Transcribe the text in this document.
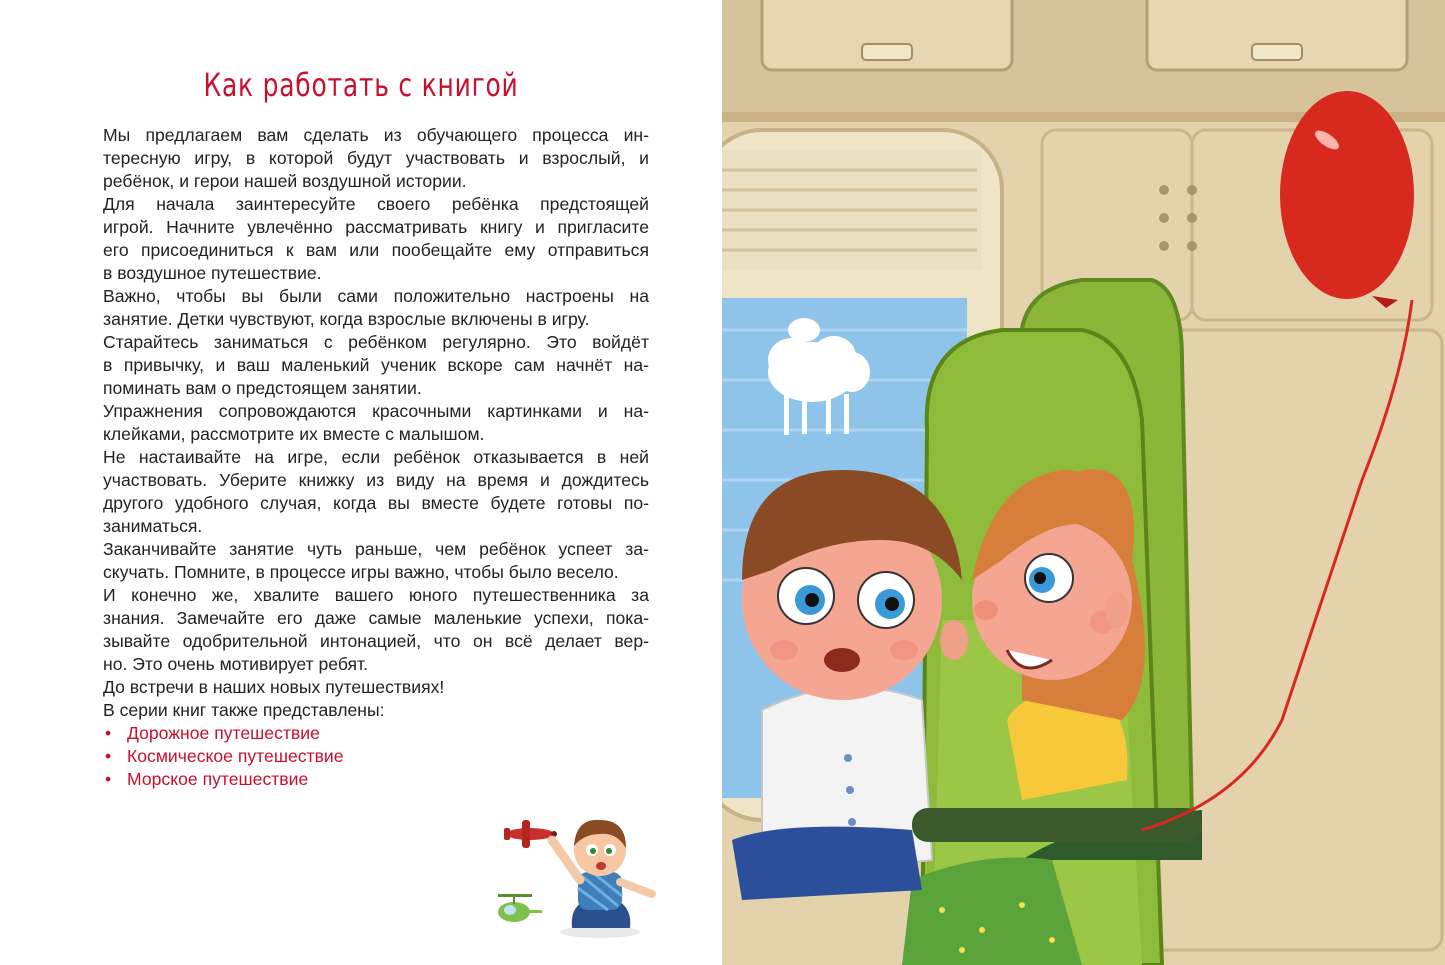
Как работать с книгой

Мы предлагаем вам сделать из обучающего процесса ин-

тересную игру, в которой будут участвовать и взрослый, и

ребёнок, и герои нашей воздушной истории.

Для начала заинтересуйте своего ребёнка предстоящей

игрой. Начните увлечённо рассматривать книгу и пригласите

его присоединиться к вам или пообещайте ему отправиться

в воздушное путешествие.

Важно, чтобы вы были сами положительно настроены на

занятие. Детки чувствуют, когда взрослые включены в игру.

Старайтесь заниматься с ребёнком регулярно. Это войдёт

в привычку, и ваш маленький ученик вскоре сам начнёт на-

поминать вам о предстоящем занятии.

Упражнения сопровождаются красочными картинками и на-

клейками, рассмотрите их вместе с малышом.

Не настаивайте на игре, если ребёнок отказывается в ней

участвовать. Уберите книжку из виду на время и дождитесь

другого удобного случая, когда вы вместе будете готовы по-

заниматься.

Заканчивайте занятие чуть раньше, чем ребёнок успеет за-

скучать. Помните, в процессе игры важно, чтобы было весело.

И конечно же, хвалите вашего юного путешественника за

знания. Замечайте его даже самые маленькие успехи, пока-

зывайте одобрительной интонацией, что он всё делает вер-

но. Это очень мотивирует ребят.

До встречи в наших новых путешествиях!

В серии книг также представлены:

• Дорожное путешествие
• Космическое путешествие
• Морское путешествие
